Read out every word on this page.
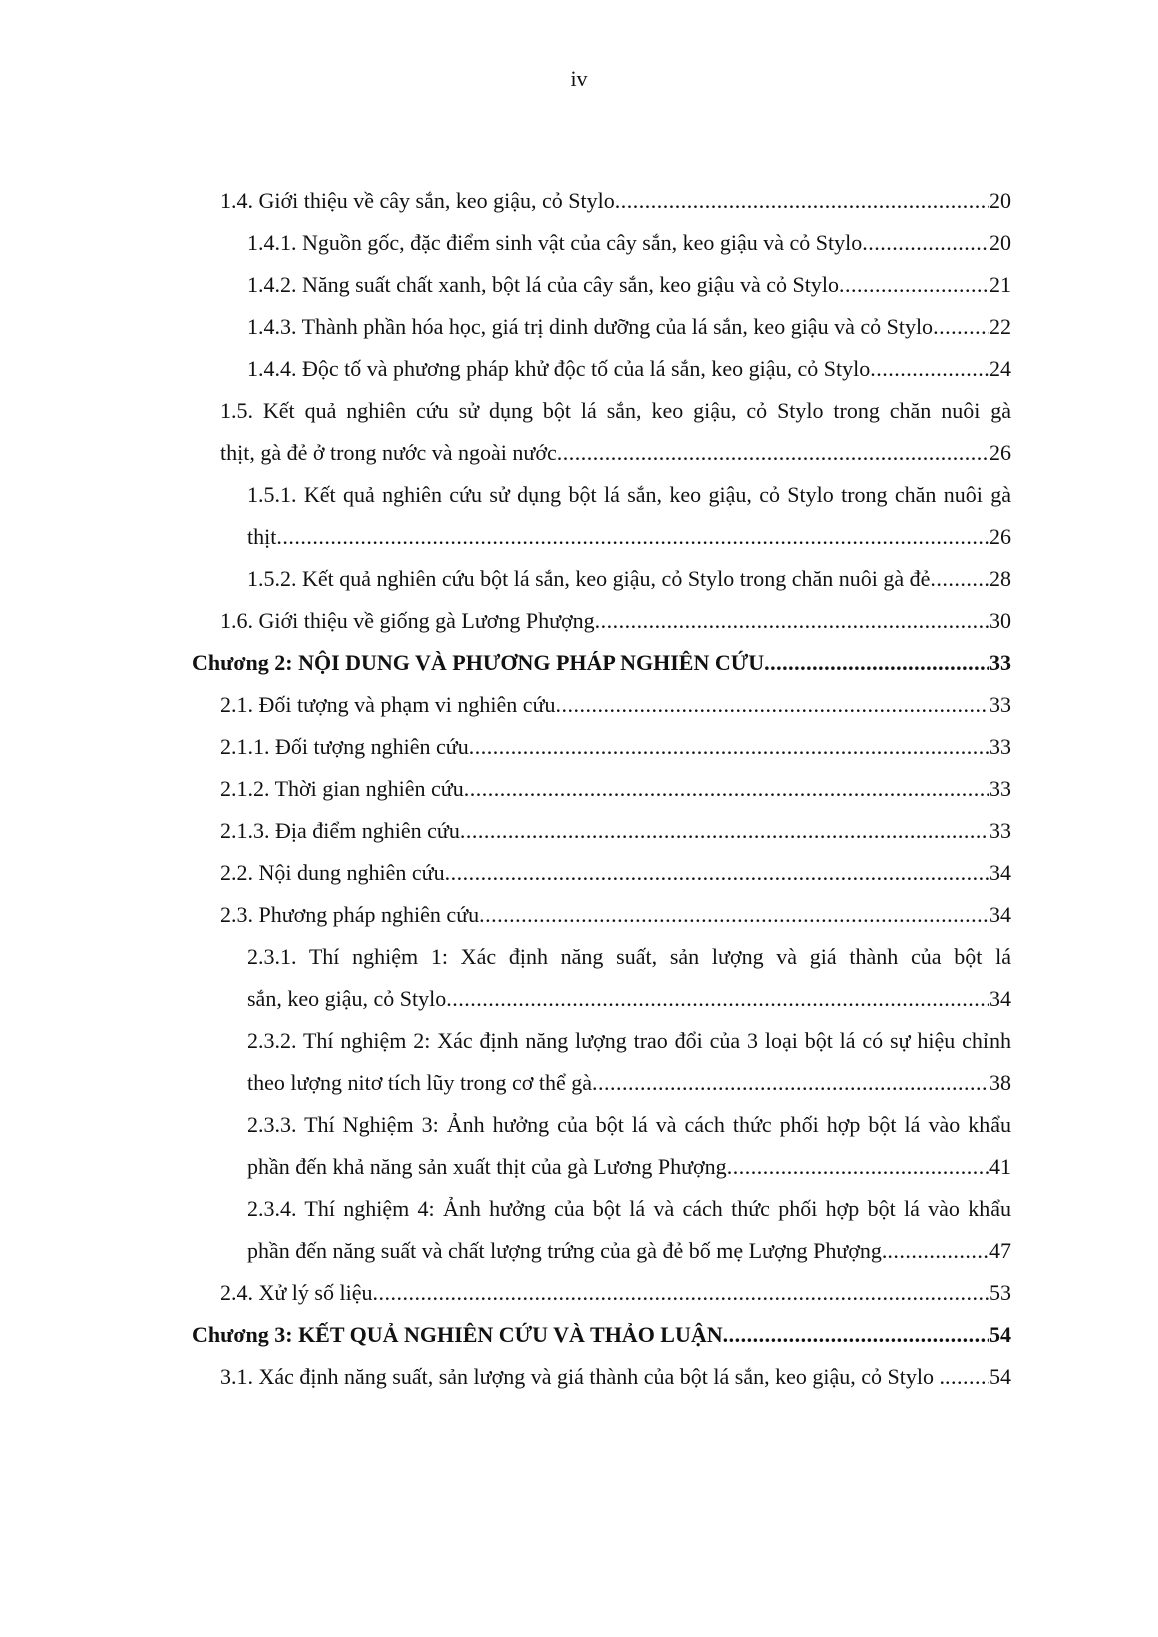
iv
1.4. Giới thiệu về cây sắn, keo giậu, cỏ Stylo .....	20
1.4.1. Nguồn gốc, đặc điểm sinh vật của cây sắn, keo giậu và cỏ Stylo .....	20
1.4.2. Năng suất chất xanh, bột lá của cây sắn, keo giậu và cỏ Stylo .....	21
1.4.3. Thành phần hóa học, giá trị dinh dưỡng của lá sắn, keo giậu và cỏ Stylo .....	22
1.4.4. Độc tố và phương pháp khử độc tố của lá sắn, keo giậu, cỏ Stylo .....	24
1.5. Kết quả nghiên cứu sử dụng bột lá sắn, keo giậu, cỏ Stylo trong chăn nuôi gà
thịt, gà đẻ ở trong nước và ngoài nước .....	26
1.5.1. Kết quả nghiên cứu sử dụng bột lá sắn, keo giậu, cỏ Stylo trong chăn nuôi gà
thịt .....	26
1.5.2. Kết quả nghiên cứu bột lá sắn, keo giậu, cỏ Stylo trong chăn nuôi gà đẻ .....	28
1.6. Giới thiệu về giống gà Lương Phượng .....	30
Chương 2: NỘI DUNG VÀ PHƯƠNG PHÁP NGHIÊN CỨU .....	33
2.1. Đối tượng và phạm vi nghiên cứu .....	33
2.1.1. Đối tượng nghiên cứu .....	33
2.1.2. Thời gian nghiên cứu .....	33
2.1.3. Địa điểm nghiên cứu .....	33
2.2. Nội dung nghiên cứu .....	34
2.3. Phương pháp nghiên cứu .....	34
2.3.1. Thí nghiệm 1: Xác định năng suất, sản lượng và giá thành của bột lá
sắn, keo giậu, cỏ Stylo .....	34
2.3.2. Thí nghiệm 2: Xác định năng lượng trao đổi của 3 loại bột lá có sự hiệu chỉnh
theo lượng nitơ tích lũy trong cơ thể gà .....	38
2.3.3. Thí Nghiệm 3: Ảnh hưởng của bột lá và cách thức phối hợp bột lá vào khẩu
phần đến khả năng sản xuất thịt của gà Lương Phượng .....	41
2.3.4. Thí nghiệm 4: Ảnh hưởng của bột lá và cách thức phối hợp bột lá vào khẩu
phần đến năng suất và chất lượng trứng của gà đẻ bố mẹ Lượng Phượng. .....	47
2.4. Xử lý số liệu .....	53
Chương 3: KẾT QUẢ NGHIÊN CỨU VÀ THẢO LUẬN .....	54
3.1. Xác định năng suất, sản lượng và giá thành của bột lá sắn, keo giậu, cỏ Stylo . ..... 54
